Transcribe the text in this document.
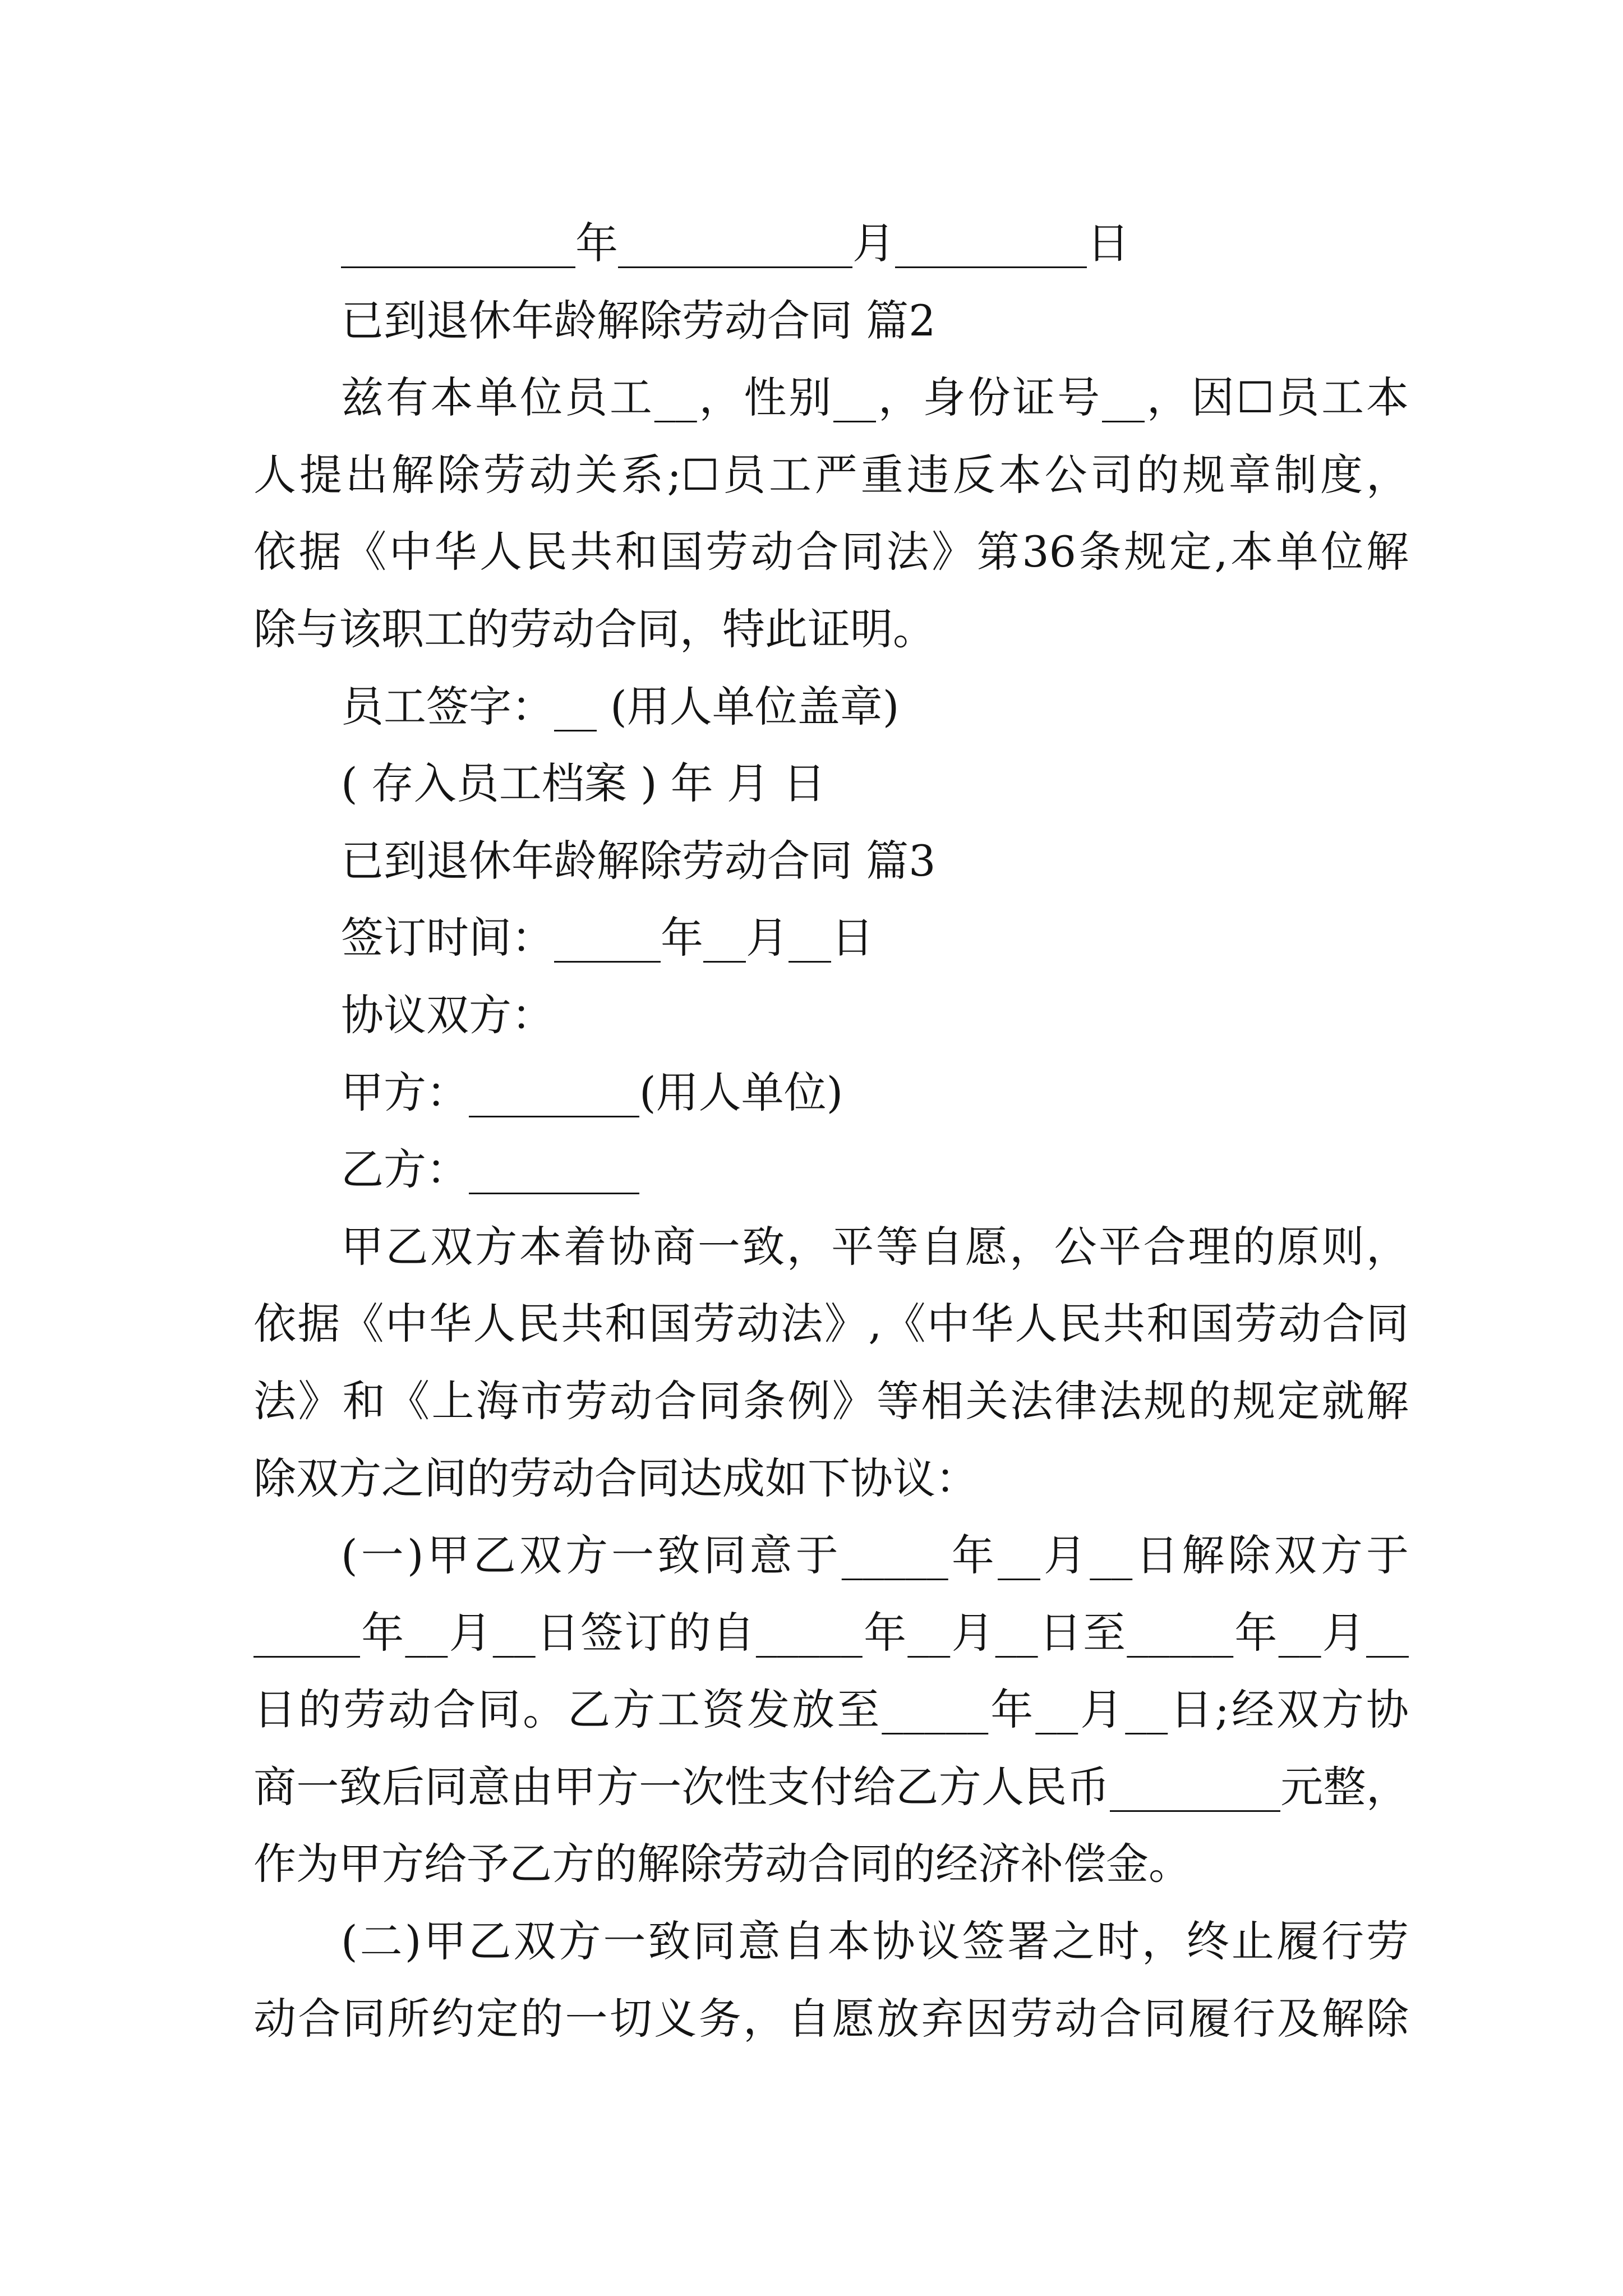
___________年___________月_________日
已到退休年龄解除劳动合同 篇2
兹有本单位员工__，性别__，身份证号__，因☐员工本
人提出解除劳动关系;☐员工严重违反本公司的规章制度，
依据《中华人民共和国劳动合同法》第36条规定,本单位解
除与该职工的劳动合同，特此证明。
员工签字：__ (用人单位盖章)
( 存入员工档案 ) 年 月 日
已到退休年龄解除劳动合同 篇3
签订时间：_____年__月__日
协议双方：
甲方：________(用人单位)
乙方：________
甲乙双方本着协商一致，平等自愿，公平合理的原则，
依据《中华人民共和国劳动法》,《中华人民共和国劳动合同
法》和《上海市劳动合同条例》等相关法律法规的规定就解
除双方之间的劳动合同达成如下协议：
(一)甲乙双方一致同意于_____年__月__日解除双方于
_____年__月__日签订的自_____年__月__日至_____年__月__
日的劳动合同。乙方工资发放至_____年__月__日;经双方协
商一致后同意由甲方一次性支付给乙方人民币________元整，
作为甲方给予乙方的解除劳动合同的经济补偿金。
(二)甲乙双方一致同意自本协议签署之时，终止履行劳
动合同所约定的一切义务，自愿放弃因劳动合同履行及解除
